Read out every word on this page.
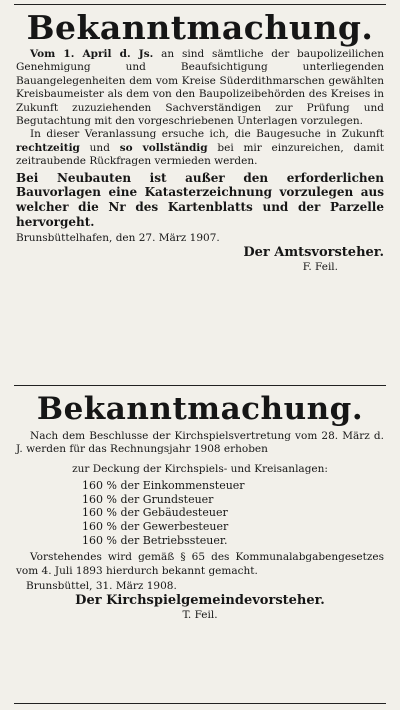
Bekanntmachung.

Vom 1. April d. Js. an sind sämtliche der baupolizeilichen Genehmigung und Beaufsichtigung unterliegenden Bauangelegenheiten dem vom Kreise Süderdithmarschen gewählten Kreisbaumeister als dem von den Baupolizeibehörden des Kreises in Zukunft zuzuziehenden Sachverständigen zur Prüfung und Begutachtung mit den vorgeschriebenen Unterlagen vorzulegen.

In dieser Veranlassung ersuche ich, die Baugesuche in Zukunft rechtzeitig und so vollständig bei mir einzureichen, damit zeitraubende Rückfragen vermieden werden.

Bei Neubauten ist außer den erforderlichen Bauvorlagen eine Katasterzeichnung vorzulegen aus welcher die Nr des Kartenblatts und der Parzelle hervorgeht.

Brunsbüttelhafen, den 27. März 1907.
Der Amtsvorsteher.
F. Feil.
Bekanntmachung.

Nach dem Beschlusse der Kirchspielsvertretung vom 28. März d. J. werden für das Rechnungsjahr 1908 erhoben

zur Deckung der Kirchspiels- und Kreisanlagen:
160 % der Einkommensteuer
160 % der Grundsteuer
160 % der Gebäudesteuer
160 % der Gewerbesteuer
160 % der Betriebssteuer.

Vorstehendes wird gemäß § 65 des Kommunalabgabengesetzes vom 4. Juli 1893 hierdurch bekannt gemacht.

Brunsbüttel, 31. März 1908.
Der Kirchspielgemeindevorsteher.
T. Feil.
